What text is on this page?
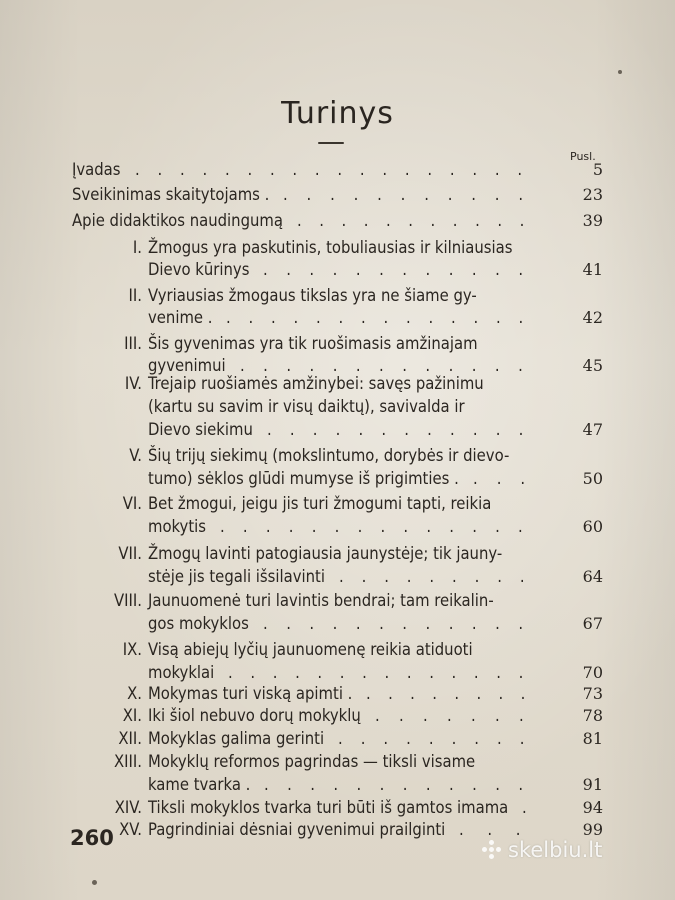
Turinys
Pusl.
Įvadas ..................	5
Sveikinimas skaitytojams . ...........	23
Apie didaktikos naudingumą ...........	39
I. Žmogus yra paskutinis, tobuliausias ir kilniausias
Dievo kūrinys ............	41
II. Vyriausias žmogaus tikslas yra ne šiame gy-
venime . ..............	42
III. Šis gyvenimas yra tik ruošimasis amžinajam
gyvenimui .............	45
IV. Trejaip ruošiamės amžinybei: savęs pažinimu
(kartu su savim ir visų daiktų), savivalda ir
Dievo siekimu ............	47
V. Šių trijų siekimų (mokslintumo, dorybės ir dievo-
tumo) sėklos glūdi mumyse iš prigimties . ...	50
VI. Bet žmogui, jeigu jis turi žmogumi tapti, reikia
mokytis ..............	60
VII. Žmogų lavinti patogiausia jaunystėje; tik jauny-
stėje jis tegali išsilavinti .........	64
VIII. Jaunuomenė turi lavintis bendrai; tam reikalin-
gos mokyklos ............	67
IX. Visą abiejų lyčių jaunuomenę reikia atiduoti
mokyklai ..............	70
X. Mokymas turi viską apimti . ........	73
XI. Iki šiol nebuvo dorų mokyklų .......	78
XII. Mokyklas galima gerinti .........	81
XIII. Mokyklų reformos pagrindas — tiksli visame
kame tvarka . ............	91
XIV. Tiksli mokyklos tvarka turi būti iš gamtos imama .	94
XV. Pagrindiniai dėsniai gyvenimui prailginti ...	99
260	skelbiu.lt
